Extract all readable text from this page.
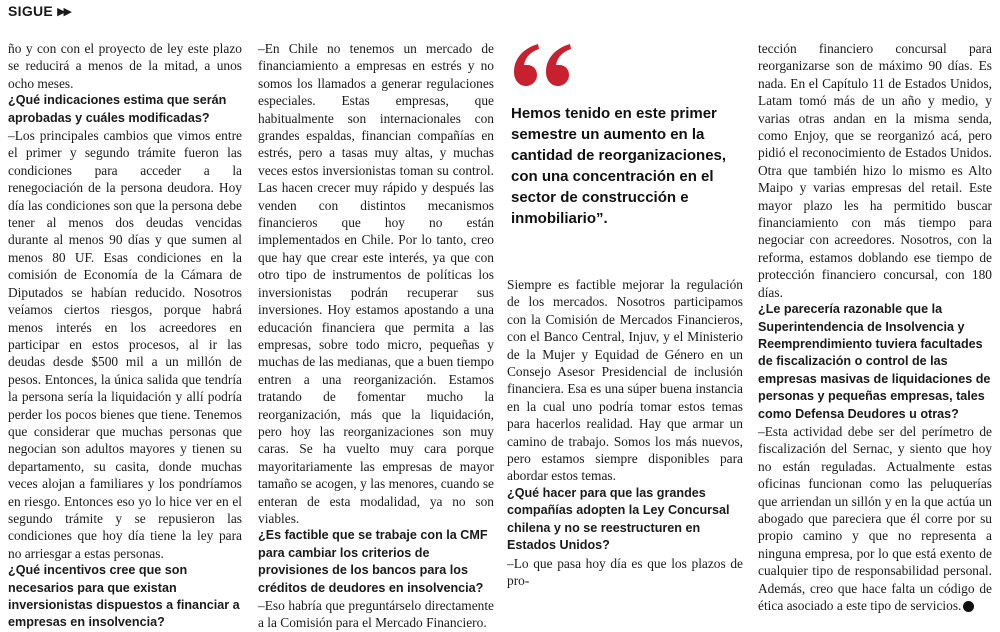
SIGUE ▶▶

ño y con con el proyecto de ley este plazo se reducirá a menos de la mitad, a unos ocho meses.

¿Qué indicaciones estima que serán aprobadas y cuáles modificadas?

–Los principales cambios que vimos entre el primer y segundo trámite fueron las condiciones para acceder a la renegociación de la persona deudora. Hoy día las condiciones son que la persona debe tener al menos dos deudas vencidas durante al menos 90 días y que sumen al menos 80 UF. Esas condiciones en la comisión de Economía de la Cámara de Diputados se habían reducido. Nosotros veíamos ciertos riesgos, porque habrá menos interés en los acreedores en participar en estos procesos, al ir las deudas desde $500 mil a un millón de pesos. Entonces, la única salida que tendría la persona sería la liquidación y allí podría perder los pocos bienes que tiene. Tenemos que considerar que muchas personas que negocian son adultos mayores y tienen su departamento, su casita, donde muchas veces alojan a familiares y los pondríamos en riesgo. Entonces eso yo lo hice ver en el segundo trámite y se repusieron las condiciones que hoy día tiene la ley para no arriesgar a estas personas.

¿Qué incentivos cree que son necesarios para que existan inversionistas dispuestos a financiar a empresas en insolvencia?

–En Chile no tenemos un mercado de financiamiento a empresas en estrés y no somos los llamados a generar regulaciones especiales. Estas empresas, que habitualmente son internacionales con grandes espaldas, financian compañías en estrés, pero a tasas muy altas, y muchas veces estos inversionistas toman su control. Las hacen crecer muy rápido y después las venden con distintos mecanismos financieros que hoy no están implementados en Chile. Por lo tanto, creo que hay que crear este interés, ya que con otro tipo de instrumentos de políticas los inversionistas podrán recuperar sus inversiones. Hoy estamos apostando a una educación financiera que permita a las empresas, sobre todo micro, pequeñas y muchas de las medianas, que a buen tiempo entren a una reorganización. Estamos tratando de fomentar mucho la reorganización, más que la liquidación, pero hoy las reorganizaciones son muy caras. Se ha vuelto muy cara porque mayoritariamente las empresas de mayor tamaño se acogen, y las menores, cuando se enteran de esta modalidad, ya no son viables.

¿Es factible que se trabaje con la CMF para cambiar los criterios de provisiones de los bancos para los créditos de deudores en insolvencia?

–Eso habría que preguntárselo directamente a la Comisión para el Mercado Financiero.

Hemos tenido en este primer semestre un aumento en la cantidad de reorganizaciones, con una concentración en el sector de construcción e inmobiliario”.

Siempre es factible mejorar la regulación de los mercados. Nosotros participamos con la Comisión de Mercados Financieros, con el Banco Central, Injuv, y el Ministerio de la Mujer y Equidad de Género en un Consejo Asesor Presidencial de inclusión financiera. Esa es una súper buena instancia en la cual uno podría tomar estos temas para hacerlos realidad. Hay que armar un camino de trabajo. Somos los más nuevos, pero estamos siempre disponibles para abordar estos temas.

¿Qué hacer para que las grandes compañías adopten la Ley Concursal chilena y no se reestructuren en Estados Unidos?

–Lo que pasa hoy día es que los plazos de pro-

tección financiero concursal para reorganizarse son de máximo 90 días. Es nada. En el Capítulo 11 de Estados Unidos, Latam tomó más de un año y medio, y varias otras andan en la misma senda, como Enjoy, que se reorganizó acá, pero pidió el reconocimiento de Estados Unidos. Otra que también hizo lo mismo es Alto Maipo y varias empresas del retail. Este mayor plazo les ha permitido buscar financiamiento con más tiempo para negociar con acreedores. Nosotros, con la reforma, estamos doblando ese tiempo de protección financiero concursal, con 180 días.

¿Le parecería razonable que la Superintendencia de Insolvencia y Reemprendimiento tuviera facultades de fiscalización o control de las empresas masivas de liquidaciones de personas y pequeñas empresas, tales como Defensa Deudores u otras?

–Esta actividad debe ser del perímetro de fiscalización del Sernac, y siento que hoy no están reguladas. Actualmente estas oficinas funcionan como las peluquerías que arriendan un sillón y en la que actúa un abogado que pareciera que él corre por su propio camino y que no representa a ninguna empresa, por lo que está exento de cualquier tipo de responsabilidad personal. Además, creo que hace falta un código de ética asociado a este tipo de servicios.
